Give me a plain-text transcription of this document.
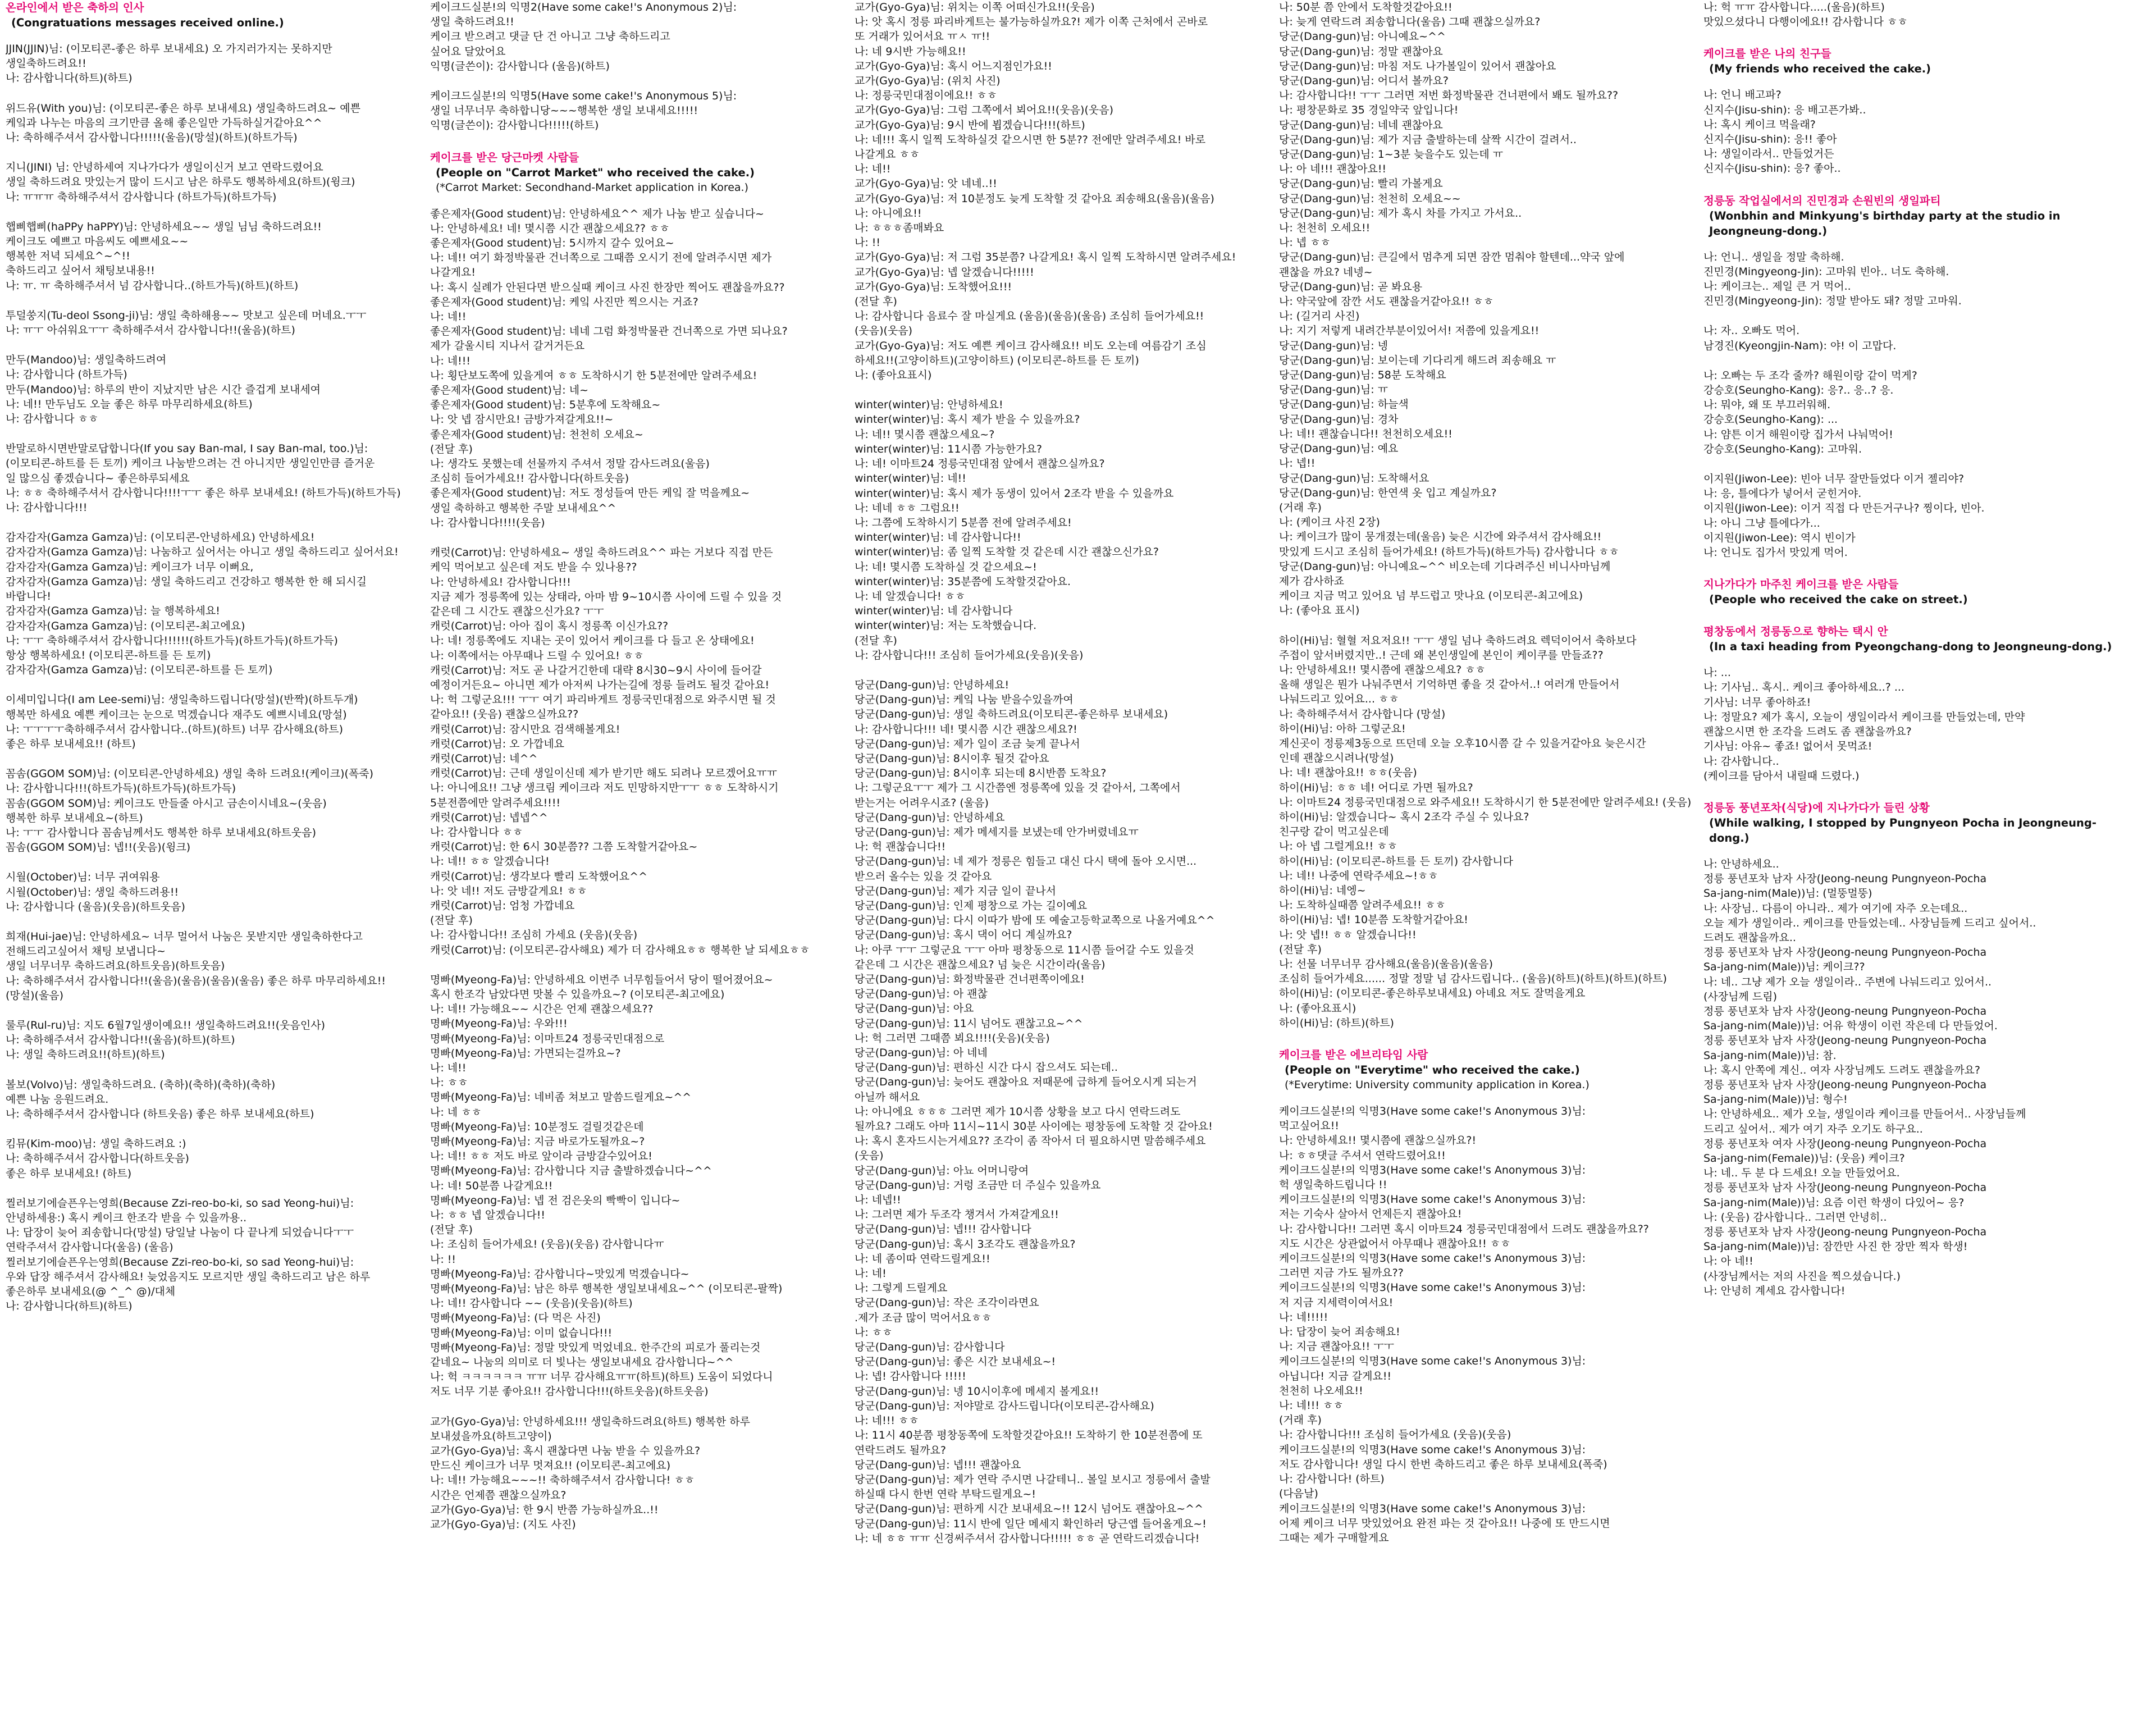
온라인에서 받은 축하의 인사

(Congratuations messages received online.)

JJIN(JJIN)님: (이모티콘-좋은 하루 보내세요) 오 가지러가지는 못하지만

생일축하드려요!!

나: 감사합니다(하트)(하트)

위드유(With you)님: (이모티콘-좋은 하루 보내세요) 생일축하드려요~ 예쁜

케잌과 나누는 마음의 크기만큼 올해 좋은일만 가득하실거같아요^^

나: 축하해주셔서 감사합니다!!!!!(울음)(망설)(하트)(하트가득)

지니(JINI) 님: 안녕하세여 지나가다가 생일이신거 보고 연락드렸어요

생일 축하드려요 맛있는거 많이 드시고 남은 하루도 행복하세요(하트)(윙크)

나: ㅠㅠㅠ 축하해주셔서 감사합니다 (하트가득)(하트가득)

햅삐햅삐(haPPy haPPY)님: 안녕하세요~~ 생일 님님 축하드려요!!

케이크도 예쁘고 마음씨도 예쁘세요~~

행복한 저녁 되세요^~^!!

축하드리고 싶어서 채팅보내용!!

나: ㅠ. ㅠ 축하해주셔서 넘 감사합니다..(하트가득)(하트)(하트)

투덜쑹지(Tu-deol Ssong-ji)님: 생일 축하해용~~ 맛보고 싶은데 머네요.ㅜㅜ

나: ㅠㅜ 아쉬워요ㅜㅜ 축하해주셔서 감사합니다!!(울음)(하트)

만두(Mandoo)님: 생일축하드려여

나: 감사합니다 (하트가득)

만두(Mandoo)님: 하루의 반이 지났지만 남은 시간 즐겁게 보내세여

나: 네!! 만두님도 오늘 좋은 하루 마무리하세요(하트)

나: 감사합니다 ㅎㅎ

반말로하시면반말로답합니다(If you say Ban-mal, I say Ban-mal, too.)님:

(이모티콘-하트를 든 토끼) 케이크 나눔받으려는 건 아니지만 생일인만큼 즐거운

일 많으심 좋겠습니다~ 좋은하루되세요

나: ㅎㅎ 축하해주셔서 감사합니다!!!!ㅜㅜ 좋은 하루 보내세요! (하트가득)(하트가득)

나: 감사합니다!!!

감자감자(Gamza Gamza)님: (이모티콘-안녕하세요) 안녕하세요!

감자감자(Gamza Gamza)님: 나눔하고 싶어서는 아니고 생일 축하드리고 싶어서요!

감자감자(Gamza Gamza)님: 케이크가 너무 이뻐요,

감자감자(Gamza Gamza)님: 생일 축하드리고 건강하고 행복한 한 해 되시길

바랍니다!

감자감자(Gamza Gamza)님: 늘 행복하세요!

감자감자(Gamza Gamza)님: (이모티콘-최고에요)

나: ㅜㅜ 축하해주셔서 감사합니다!!!!!!(하트가득)(하트가득)(하트가득)

항상 행복하세요! (이모티콘-하트를 든 토끼)

감자감자(Gamza Gamza)님: (이모티콘-하트를 든 토끼)

이세미입니다(I am Lee-semi)님: 생일축하드립니다(망설)(반짝)(하트두개)

행복만 하세요 예쁜 케이크는 눈으로 먹겠습니다 재주도 예쁘시네요(망설)

나: ㅜㅜㅜㅜ축하해주셔서 감사합니다..(하트)(하트) 너무 감사해요(하트)

좋은 하루 보내세요!! (하트)

꼼솜(GGOM SOM)님: (이모티콘-안녕하세요) 생일 축하 드려요!(케이크)(폭죽)

나: 감사합니다!!!(하트가득)(하트가득)(하트가득)

꼼솜(GGOM SOM)님: 케이크도 만들줄 아시고 금손이시네요~(웃음)

행복한 하루 보내세요~(하트)

나: ㅜㅜ 감사합니다 꼼솜님께서도 행복한 하루 보내세요(하트웃음)

꼼솜(GGOM SOM)님: 넵!!(웃음)(윙크)

시월(October)님: 너무 귀여워용

시월(October)님: 생일 축하드려용!!

나: 감사합니다 (울음)(웃음)(하트웃음)

희재(Hui-jae)님: 안녕하세요~ 너무 멀어서 나눔은 못받지만 생일축하한다고

전해드리고싶어서 채팅 보냅니다~

생일 너무너무 축하드려요(하트웃음)(하트웃음)

나: 축하해주셔서 감사합니다!!(울음)(울음)(울음)(울음) 좋은 하루 마무리하세요!!

(망설)(울음)

룰루(Rul-ru)님: 지도 6월7일생이예요!! 생일축하드려요!!(웃음인사)

나: 축하해주셔서 감사합니다!!(울음)(하트)(하트)

나: 생일 축하드려요!!(하트)(하트)

볼보(Volvo)님: 생일축하드려요. (축하)(축하)(축하)(축하)

예쁜 나눔 응원드려요.

나: 축하해주셔서 감사합니다 (하트웃음) 좋은 하루 보내세요(하트)

킴뮤(Kim-moo)님: 생일 축하드려요 :)

나: 축하해주셔서 감사합니다(하트웃음)

좋은 하루 보내세요! (하트)

찔러보기에슬픈우는영희(Because Zzi-reo-bo-ki, so sad Yeong-hui)님:

안녕하세용:) 혹시 케이크 한조각 받을 수 있을까용..

나: 답장이 늦어 죄송합니다(망설) 당일날 나눔이 다 끝나게 되었습니다ㅜㅜ

연락주셔서 감사합니다(울음) (울음)

찔러보기에슬픈우는영희(Because Zzi-reo-bo-ki, so sad Yeong-hui)님:

우와 답장 해주셔서 감사해요! 늦었음지도 모르지만 생일 축하드리고 남은 하루

좋은하루 보내세요(@ ^_^ @)/대체

나: 감사합니다(하트)(하트)

케이크드실분!의 익명2(Have some cake!'s Anonymous 2)님:

생일 축하드려요!!

케이크 받으려고 댓글 단 건 아니고 그냥 축하드리고

싶어요 달았어요

익명(글쓴이): 감사합니다 (울음)(하트)

케이크드실분!의 익명5(Have some cake!'s Anonymous 5)님:

생일 너무너무 축하합니당~~~행복한 생일 보내세요!!!!!

익명(글쓴이): 감사합니다!!!!!(하트)

케이크를 받은 당근마켓 사람들

(People on "Carrot Market" who received the cake.)

(*Carrot Market: Secondhand-Market application in Korea.)

좋은제자(Good student)님: 안녕하세요^^ 제가 나눔 받고 싶습니다~

나: 안녕하세요! 네! 몇시쯤 시간 괜찮으세요?? ㅎㅎ

좋은제자(Good student)님: 5시까지 갈수 있어요~

나: 네!! 여기 화정박물관 건너쪽으로 그때쯤 오시기 전에 알려주시면 제가

나갈게요!

나: 혹시 실례가 안된다면 받으실때 케이크 사진 한장만 찍어도 괜찮을까요??

좋은제자(Good student)님: 케잌 사진만 찍으시는 거죠?

나: 네!!

좋은제자(Good student)님: 네네 그럼 화정박물관 건너쪽으로 가면 되나요?

제가 갈울시티 지나서 갈거거든요

나: 네!!!

나: 횡단보도쪽에 있을게여 ㅎㅎ 도착하시기 한 5분전에만 알려주세요!

좋은제자(Good student)님: 네~

좋은제자(Good student)님: 5분후에 도착해요~

나: 앗 넵 잠시만요! 금방가져갈게요!!~

좋은제자(Good student)님: 천천히 오세요~

(전달 후)

나: 생각도 못했는데 선물까지 주셔서 정말 감사드려요(울음)

조심히 들어가세요!! 감사합니다(하트웃음)

좋은제자(Good student)님: 저도 정성들여 만든 케잌 잘 먹을께요~

생일 축하하고 행복한 주말 보내세요^^

나: 감사합니다!!!!(웃음)

캐럿(Carrot)님: 안녕하세요~ 생일 축하드려요^^ 파는 거보다 직접 만든

케익 먹어보고 싶은데 저도 받을 수 있나용??

나: 안녕하세요! 감사합니다!!!

지금 제가 정릉쪽에 있는 상태라, 아마 밤 9~10시쯤 사이에 드릴 수 있을 것

같은데 그 시간도 괜찮으신가요? ㅜㅜ

캐럿(Carrot)님: 아아 집이 혹시 정릉쪽 이신가요??

나: 네! 정릉쪽에도 지내는 곳이 있어서 케이크를 다 들고 온 상태에요!

나: 이쪽에서는 아무때나 드릴 수 있어요! ㅎㅎ

캐럿(Carrot)님: 저도 곧 나갈거긴한데 대략 8시30~9시 사이에 들어갈

예정이거든요~ 아니면 제가 아저씨 나가는길에 정릉 들려도 될것 같아요!

나: 헉 그렇군요!!! ㅜㅜ 여기 파리바게트 정릉국민대점으로 와주시면 될 것

같아요!! (웃음) 괜찮으실까요??

캐럿(Carrot)님: 잠시만요 검색해볼게요!

캐럿(Carrot)님: 오 가깝네요

캐럿(Carrot)님: 네^^

캐럿(Carrot)님: 근데 생일이신데 제가 받기만 해도 되려나 모르겠어요ㅠㅠ

나: 아니에요!! 그냥 생크림 케이크라 저도 민망하지만ㅜㅜ ㅎㅎ 도착하시기

5분전쯤에만 알려주세요!!!!

캐럿(Carrot)님: 넵넵^^

나: 감사합니다 ㅎㅎ

캐럿(Carrot)님: 한 6시 30분쯤?? 그쯤 도착할거같아요~

나: 네!! ㅎㅎ 알겠습니다!

캐럿(Carrot)님: 생각보다 빨리 도착했어요^^

나: 앗 네!! 저도 금방갈게요! ㅎㅎ

캐럿(Carrot)님: 엄청 가깝네요

(전달 후)

나: 감사합니다!! 조심히 가세요 (웃음)(웃음)

캐럿(Carrot)님: (이모티콘-감사해요) 제가 더 감사해요ㅎㅎ 행복한 날 되세요ㅎㅎ

명빠(Myeong-Fa)님: 안녕하세요 이번주 너무힘들어서 당이 떨어졌어요~

혹시 한조각 남았다면 맛볼 수 있을까요~? (이모티콘-최고에요)

나: 네!! 가능해요~~ 시간은 언제 괜찮으세요??

명빠(Myeong-Fa)님: 우와!!!

명빠(Myeong-Fa)님: 이마트24 정릉국민대점으로

명빠(Myeong-Fa)님: 가면되는걸까요~?

나: 네!!

나: ㅎㅎ

명빠(Myeong-Fa)님: 네비좀 쳐보고 말씀드릴게요~^^

나: 네 ㅎㅎ

명빠(Myeong-Fa)님: 10분정도 걸릴것같은데

명빠(Myeong-Fa)님: 지금 바로가도될까요~?

나: 네!! ㅎㅎ 저도 바로 앞이라 금방갈수있어요!

명빠(Myeong-Fa)님: 감사합니다 지금 출발하겠습니다~^^

나: 네! 50분쯤 나갈게요!!

명빠(Myeong-Fa)님: 넵 전 검은옷의 빡빡이 입니다~

나: ㅎㅎ 넵 알겠습니다!!

(전달 후)

나: 조심히 들어가세요! (웃음)(웃음) 감사합니다ㅠ

나: !!

명빠(Myeong-Fa)님: 감사합니다~맛있게 먹겠습니다~

명빠(Myeong-Fa)님: 남은 하루 행복한 생일보내세요~^^ (이모티콘-팔짝)

나: 네!! 감사합니다 ~~ (웃음)(웃음)(하트)

명빠(Myeong-Fa)님: (다 먹은 사진)

명빠(Myeong-Fa)님: 이미 없습니다!!!

명빠(Myeong-Fa)님: 정말 맛있게 먹었네요. 한주간의 피로가 풀리는것

같네요~ 나눔의 의미로 더 빛나는 생일보내세요 감사합니다~^^

나: 헉 ㅋㅋㅋㅋㅋㅋ ㅠㅠ 너무 감사해요ㅠㅠ(하트)(하트) 도움이 되었다니

저도 너무 기분 좋아요!! 감사합니다!!!(하트웃음)(하트웃음)

교가(Gyo-Gya)님: 안녕하세요!!! 생일축하드려요(하트) 행복한 하루

보내셨을까요(하트고양이)

교가(Gyo-Gya)님: 혹시 괜찮다면 나눔 받을 수 있을까요?

만드신 케이크가 너무 멋져요!! (이모티콘-최고에요)

나: 네!! 가능해요~~~!! 축하해주셔서 감사합니다! ㅎㅎ

시간은 언제쯤 괜찮으실까요?

교가(Gyo-Gya)님: 한 9시 반쯤 가능하실까요..!!

교가(Gyo-Gya)님: (지도 사진)

교가(Gyo-Gya)님: 위치는 이쪽 어떠신가요!!(웃음)

나: 앗 혹시 정릉 파리바게트는 불가능하실까요?! 제가 이쪽 근처에서 곤바로

또 거래가 있어서요 ㅠㅅ ㅠ!!

나: 네 9시반 가능해요!!

교가(Gyo-Gya)님: 혹시 어느지점인가요!!

교가(Gyo-Gya)님: (위치 사진)

나: 정릉국민대점이에요!! ㅎㅎ

교가(Gyo-Gya)님: 그럼 그쪽에서 뵈어요!!(웃음)(웃음)

교가(Gyo-Gya)님: 9시 반에 뵙겠습니다!!!(하트)

나: 네!!! 혹시 일찍 도착하실것 같으시면 한 5분?? 전에만 알려주세요! 바로

나갈게요 ㅎㅎ

나: 네!!

교가(Gyo-Gya)님: 앗 네네..!!

교가(Gyo-Gya)님: 저 10분정도 늦게 도착할 것 같아요 죄송해요(울음)(울음)

나: 아니에요!!

나: ㅎㅎㅎ좀매봐요

나: !!

교가(Gyo-Gya)님: 저 그럼 35분쯤? 나갈게요! 혹시 일찍 도착하시면 알려주세요!

교가(Gyo-Gya)님: 넵 알겠습니다!!!!!

교가(Gyo-Gya)님: 도착했어요!!!

(전달 후)

나: 감사합니다 음료수 잘 마실게요 (울음)(울음)(울음) 조심히 들어가세요!!

(웃음)(웃음)

교가(Gyo-Gya)님: 저도 예쁜 케이크 감사해요!! 비도 오는데 여름감기 조심

하세요!!(고양이하트)(고양이하트) (이모티콘-하트를 든 토끼)

나: (좋아요표시)

winter(winter)님: 안녕하세요!

winter(winter)님: 혹시 제가 받을 수 있을까요?

나: 네!! 몇시쯤 괜찮으세요~?

winter(winter)님: 11시쯤 가능한가요?

나: 네! 이마트24 정릉국민대점 앞에서 괜찮으실까요?

winter(winter)님: 네!!

winter(winter)님: 혹시 제가 동생이 있어서 2조각 받을 수 있을까요

나: 네네 ㅎㅎ 그럼요!!

나: 그쯤에 도착하시기 5분쯤 전에 알려주세요!

winter(winter)님: 네 감사합니다!!

winter(winter)님: 좀 일찍 도착할 것 같은데 시간 괜찮으신가요?

나: 네! 몇시쯤 도착하실 것 같으세요~!

winter(winter)님: 35분쯤에 도착할것같아요.

나: 네 알겠습니다! ㅎㅎ

winter(winter)님: 네 감사합니다

winter(winter)님: 저는 도착했습니다.

(전달 후)

나: 감사합니다!!! 조심히 들어가세요(웃음)(웃음)

당군(Dang-gun)님: 안녕하세요!

당군(Dang-gun)님: 케잌 나눔 받을수있을까여

당군(Dang-gun)님: 생일 축하드려요(이모티콘-좋은하루 보내세요)

나: 감사합니다!!! 네! 몇시쯤 시간 괜찮으세요?!

당군(Dang-gun)님: 제가 일이 조금 늦게 끝나서

당군(Dang-gun)님: 8시이후 될것 같아요

당군(Dang-gun)님: 8시이후 되는데 8시반쯤 도착요?

나: 그렇군요ㅜㅜ 제가 그 시간쯤엔 정릉쪽에 있을 것 같아서, 그쪽에서

받는거는 어려우시죠? (울음)

당군(Dang-gun)님: 안녕하세요

당군(Dang-gun)님: 제가 메세지를 보냈는데 안가버렸네요ㅠ

나: 헉 괜찮습니다!!

당군(Dang-gun)님: 네 제가 정릉은 힘들고 대신 다시 택에 돌아 오시면...

받으러 올수는 있을 것 같아요

당군(Dang-gun)님: 제가 지금 일이 끝나서

당군(Dang-gun)님: 인제 평창으로 가는 길이예요

당군(Dang-gun)님: 다시 이따가 밤에 또 예술고등학교쪽으로 나올거예요^^

당군(Dang-gun)님: 혹시 댁이 어디 계실까요?

나: 아쿠 ㅜㅜ 그렇군요 ㅜㅜ 아마 평창동으로 11시쯤 들어갈 수도 있을것

같은데 그 시간은 괜찮으세요? 넘 늦은 시간이라(울음)

당군(Dang-gun)님: 화정박물관 건너편쪽이에요!

당군(Dang-gun)님: 아 괜찮

당군(Dang-gun)님: 아요

당군(Dang-gun)님: 11시 넘어도 괜찮고요~^^

나: 헉 그러면 그때쯤 뵈요!!!!(웃음)(웃음)

당군(Dang-gun)님: 아 네네

당군(Dang-gun)님: 편하신 시간 다시 잡으셔도 되는데..

당군(Dang-gun)님: 늦어도 괜찮아요 저때문에 급하게 들어오시게 되는거

아닐까 해서요

나: 아니에요 ㅎㅎㅎ 그러면 제가 10시쯤 상황을 보고 다시 연락드려도

될까요? 그래도 아마 11시~11시 30분 사이에는 평창동에 도착할 것 같아요!

나: 혹시 혼자드시는거세요?? 조각이 좀 작아서 더 필요하시면 말씀해주세요

(웃음)

당군(Dang-gun)님: 아뇨 어머니랑여

당군(Dang-gun)님: 거렁 조금만 더 주실수 있을까요

나: 네넵!!

나: 그러면 제가 두조각 챙겨서 가져갈게요!!

당군(Dang-gun)님: 넵!!! 감사합니다

당군(Dang-gun)님: 혹시 3조각도 괜찮을까요?

나: 네 좀이따 연락드릴게요!!

나: 네!

나: 그렇게 드릴게요

당군(Dang-gun)님: 작은 조각이라면요

.제가 조금 많이 먹어서요ㅎㅎ

나: ㅎㅎ

당군(Dang-gun)님: 감사합니다

당군(Dang-gun)님: 좋은 시간 보내세요~!

나: 넵! 감사합니다 !!!!!

당군(Dang-gun)님: 넹 10시이후에 메세지 볼게요!!

당군(Dang-gun)님: 저야말로 감사드립니다(이모티콘-감사해요)

나: 네!!! ㅎㅎ

나: 11시 40분쯤 평창동쪽에 도착할것같아요!! 도착하기 한 10분전쯤에 또

연락드려도 될까요?

당군(Dang-gun)님: 넵!!! 괜찮아요

당군(Dang-gun)님: 제가 연락 주시면 나갈테니.. 볼일 보시고 정릉에서 출발

하실때 다시 한번 연락 부탁드릴게요~!

당군(Dang-gun)님: 편하게 시간 보내세요~!! 12시 넘어도 괜찮아요~^^

당군(Dang-gun)님: 11시 반에 일단 메세지 확인하러 당근앱 들어올게요~!

나: 네 ㅎㅎ ㅠㅠ 신경써주셔서 감사합니다!!!!! ㅎㅎ 곧 연락드리겠습니다!

나: 50분 쯤 안에서 도착할것같아요!!

나: 늦게 연락드려 죄송합니다(울음) 그때 괜찮으실까요?

당군(Dang-gun)님: 아니예요~^^

당군(Dang-gun)님: 정말 괜찮아요

당군(Dang-gun)님: 마침 저도 나가볼일이 있어서 괜찮아요

당군(Dang-gun)님: 어디서 볼까요?

나: 감사합니다!! ㅜㅜ 그러면 저번 화정박물관 건너편에서 봬도 될까요??

나: 평창문화로 35 경일약국 앞입니다!

당군(Dang-gun)님: 네네 괜찮아요

당군(Dang-gun)님: 제가 지금 출발하는데 살짝 시간이 걸려서..

당군(Dang-gun)님: 1~3분 늦을수도 있는데 ㅠ

나: 아 네!!! 괜찮아요!!

당군(Dang-gun)님: 빨리 가볼게요

당군(Dang-gun)님: 천천히 오세요~~

당군(Dang-gun)님: 제가 혹시 차를 가지고 가서요..

나: 천천히 오세요!!

나: 넵 ㅎㅎ

당군(Dang-gun)님: 큰길에서 멈추게 되면 잠깐 멈춰야 할텐데...약국 앞에

괜찮을 까요? 네넹~

당군(Dang-gun)님: 곧 봐요용

나: 약국앞에 잠깐 서도 괜찮을거같아요!! ㅎㅎ

나: (길거리 사진)

나: 지기 저렇게 내려간부분이있어서! 저쯤에 있을게요!!

당군(Dang-gun)님: 넹

당군(Dang-gun)님: 보이는데 기다리게 해드려 죄송해요 ㅠ

당군(Dang-gun)님: 58분 도착해요

당군(Dang-gun)님: ㅠ

당군(Dang-gun)님: 하늘색

당군(Dang-gun)님: 경차

나: 네!! 괜찮습니다!! 천천히오세요!!

당군(Dang-gun)님: 예요

나: 넵!!

당군(Dang-gun)님: 도착해서요

당군(Dang-gun)님: 한연색 옷 입고 계실까요?

(거래 후)

나: (케이크 사진 2장)

나: 케이크가 많이 뭉개졌는데(울음) 늦은 시간에 와주셔서 감사해요!!

맛있게 드시고 조심히 들어가세요! (하트가득)(하트가득) 감사합니다 ㅎㅎ

당군(Dang-gun)님: 아니예요~^^ 비오는데 기다려주신 비니사마님께

제가 감사하죠

케이크 지금 먹고 있어요 넘 부드럽고 맛나요 (이모티콘-최고에요)

나: (좋아요 표시)

하이(Hi)님: 혈혈 저요저요!! ㅜㅜ 생일 넘나 축하드려요 렉덕이어서 축하보다

주접이 앞서버렸지만..! 근데 왜 본인생일에 본인이 케이쿠를 만들죠??

나: 안녕하세요!! 몇시쯤에 괜찮으세요? ㅎㅎ

올해 생일은 뭔가 나눠주면서 기억하면 좋을 것 같아서..! 여러개 만들어서

나눠드리고 있어요... ㅎㅎ

나: 축하해주셔서 감사합니다 (망설)

하이(Hi)님: 아하 그렇군요!

계신곳이 정릉제3동으로 뜨던데 오늘 오후10시쯤 갈 수 있을거같아요 늦은시간

인데 괜찮으시려나(망설)

나: 네! 괜찮아요!! ㅎㅎ(웃음)

하이(Hi)님: ㅎㅎ 네! 어디로 가면 될까요?

나: 이마트24 정릉국민대점으로 와주세요!! 도착하시기 한 5분전에만 알려주세요! (웃음)

하이(Hi)님: 알겠습니다~ 혹시 2조각 주실 수 있나요?

친구랑 같이 먹고싶은데

나: 아 넵 그럴게요!! ㅎㅎ

하이(Hi)님: (이모티콘-하트를 든 토끼) 감사합니다

나: 네!! 나중에 연락주세요~!ㅎㅎ

하이(Hi)님: 네엥~

나: 도착하실때쯤 알려주세요!! ㅎㅎ

하이(Hi)님: 넵! 10분쯤 도착할거같아요!

나: 앗 넵!! ㅎㅎ 알겠습니다!!

(전달 후)

나: 선물 너무너무 감사해요(울음)(울음)(울음)

조심히 들어가세요...... 정말 정말 넘 감사드립니다.. (울음)(하트)(하트)(하트)(하트)

하이(Hi)님: (이모티콘-좋은하루보내세요) 아녜요 저도 잘먹을게요

나: (좋아요표시)

하이(Hi)님: (하트)(하트)

케이크를 받은 에브리타임 사람

(People on "Everytime" who received the cake.)

(*Everytime: University community application in Korea.)

케이크드실분!의 익명3(Have some cake!'s Anonymous 3)님:

먹고싶어요!!

나: 안녕하세요!! 몇시쯤에 괜찮으실까요?!

나: ㅎㅎ댓글 주셔서 연락드렸어요!!

케이크드실분!의 익명3(Have some cake!'s Anonymous 3)님:

헉 생일축하드립니다 !!

케이크드실분!의 익명3(Have some cake!'s Anonymous 3)님:

저는 기숙사 살아서 언제든지 괜찮아요!

나: 감사합니다!! 그러면 혹시 이마트24 정릉국민대점에서 드려도 괜찮을까요??

지도 시간은 상관없어서 아무때나 괜찮아요!! ㅎㅎ

케이크드실분!의 익명3(Have some cake!'s Anonymous 3)님:

그러면 지금 가도 될까요??

케이크드실분!의 익명3(Have some cake!'s Anonymous 3)님:

저 지금 지세력이여서요!

나: 네!!!!!

나: 답장이 늦어 죄송해요!

나: 지금 괜찮아요!! ㅜㅜ

케이크드실분!의 익명3(Have some cake!'s Anonymous 3)님:

아닙니다! 지금 갈게요!!

천천히 나오세요!!

나: 네!!! ㅎㅎ

(거래 후)

나: 감사합니다!!! 조심히 들어가세요 (웃음)(웃음)

케이크드실분!의 익명3(Have some cake!'s Anonymous 3)님:

저도 감사합니다! 생일 다시 한번 축하드리고 좋은 하루 보내세요(폭죽)

나: 감사합니다! (하트)

(다음날)

케이크드실분!의 익명3(Have some cake!'s Anonymous 3)님:

어제 케이크 너무 맛있었어요 완전 파는 것 같아요!! 나중에 또 만드시면

그때는 제가 구매할게요

나: 헉 ㅠㅠ 감사합니다.....(울음)(하트)

맛있으셨다니 다행이에요!! 감사합니다 ㅎㅎ

케이크를 받은 나의 친구들

(My friends who received the cake.)

나: 언니 배고파?

신지수(Jisu-shin): 응 배고픈가봐..

나: 혹시 케이크 먹을래?

신지수(Jisu-shin): 응!! 좋아

나: 생일이라서.. 만들었거든

신지수(Jisu-shin): 응? 좋아..

정릉동 작업실에서의 진민경과 손원빈의 생일파티

(Wonbhin and Minkyung's birthday party at the studio in Jeongneung-dong.)

나: 언니.. 생일을 정말 축하해.

진민경(Mingyeong-Jin): 고마워 빈아.. 너도 축하해.

나: 케이크는.. 제일 큰 거 먹어..

진민경(Mingyeong-Jin): 정말 받아도 돼? 정말 고마워.

나: 자.. 오빠도 먹어.

남경진(Kyeongjin-Nam): 야! 이 고맙다.

나: 오빠는 두 조각 줄까? 해원이랑 같이 먹게?

강승호(Seungho-Kang): 응?.. 응..? 응.

나: 뭐야, 왜 또 부끄러워해.

강승호(Seungho-Kang): ...

나: 얌튼 이거 해원이랑 집가서 나눠먹어!

강승호(Seungho-Kang): 고마워.

이지원(Jiwon-Lee): 빈아 너무 잘만들었다 이거 젤리야?

나: 응, 틀에다가 넣어서 굳힌거야.

이지원(Jiwon-Lee): 이거 직접 다 만든거구나? 찡이다, 빈아.

나: 아니 그냥 틀에다가...

이지원(Jiwon-Lee): 역시 빈이가

나: 언니도 집가서 맛있게 먹어.

지나가다가 마주친 케이크를 받은 사람들

(People who received the cake on street.)

평창동에서 정릉동으로 향하는 택시 안

(In a taxi heading from Pyeongchang-dong to Jeongneung-dong.)

나: ...

나: 기사님.. 혹시.. 케이크 좋아하세요..? ...

기사님: 너무 좋아하죠!

나: 정말요? 제가 혹시, 오늘이 생일이라서 케이크를 만들었는데, 만약

괜찮으시면 한 조각을 드려도 좀 괜찮을까요?

기사님: 아유~ 좋죠! 없어서 못먹죠!

나: 감사합니다..

(케이크를 담아서 내릴때 드렸다.)

정릉동 풍년포차(식당)에 지나가다가 들린 상황

(While walking, I stopped by Pungnyeon Pocha in Jeongneung-dong.)

나: 안녕하세요..

정릉 풍년포차 남자 사장(Jeong-neung Pungnyeon-Pocha

Sa-jang-nim(Male))님: (멀뚱멀뚱)

나: 사장님.. 다름이 아니라.. 제가 여기에 자주 오는데요..

오늘 제가 생일이라.. 케이크를 만들었는데.. 사장님들께 드리고 싶어서..

드려도 괜찮을까요..

정릉 풍년포차 남자 사장(Jeong-neung Pungnyeon-Pocha

Sa-jang-nim(Male))님: 케이크??

나: 네.. 그냥 제가 오늘 생일이라.. 주변에 나눠드리고 있어서..

(사장님께 드림)

정릉 풍년포차 남자 사장(Jeong-neung Pungnyeon-Pocha

Sa-jang-nim(Male))님: 어유 학생이 이런 작은데 다 만들었어.

정릉 풍년포차 남자 사장(Jeong-neung Pungnyeon-Pocha

Sa-jang-nim(Male))님: 참.

나: 혹시 안쪽에 계신.. 여자 사장님께도 드려도 괜찮을까요?

정릉 풍년포차 남자 사장(Jeong-neung Pungnyeon-Pocha

Sa-jang-nim(Male))님: 형수!

나: 안녕하세요.. 제가 오늘, 생일이라 케이크를 만들어서.. 사장님들께

드리고 싶어서.. 제가 여기 자주 오기도 하구요..

정릉 풍년포차 여자 사장(Jeong-neung Pungnyeon-Pocha

Sa-jang-nim(Female))님: (웃음) 케이크?

나: 네.. 두 분 다 드세요! 오늘 만들었어요.

정릉 풍년포차 남자 사장(Jeong-neung Pungnyeon-Pocha

Sa-jang-nim(Male))님: 요즘 이런 학생이 다있어~ 응?

나: (웃음) 감사합니다.. 그러면 안녕히..

정릉 풍년포차 남자 사장(Jeong-neung Pungnyeon-Pocha

Sa-jang-nim(Male))님: 잠깐만 사진 한 장만 찍자 학생!

나: 아 네!!

(사장님께서는 저의 사진을 찍으셨습니다.)

나: 안녕히 계세요 감사합니다!
